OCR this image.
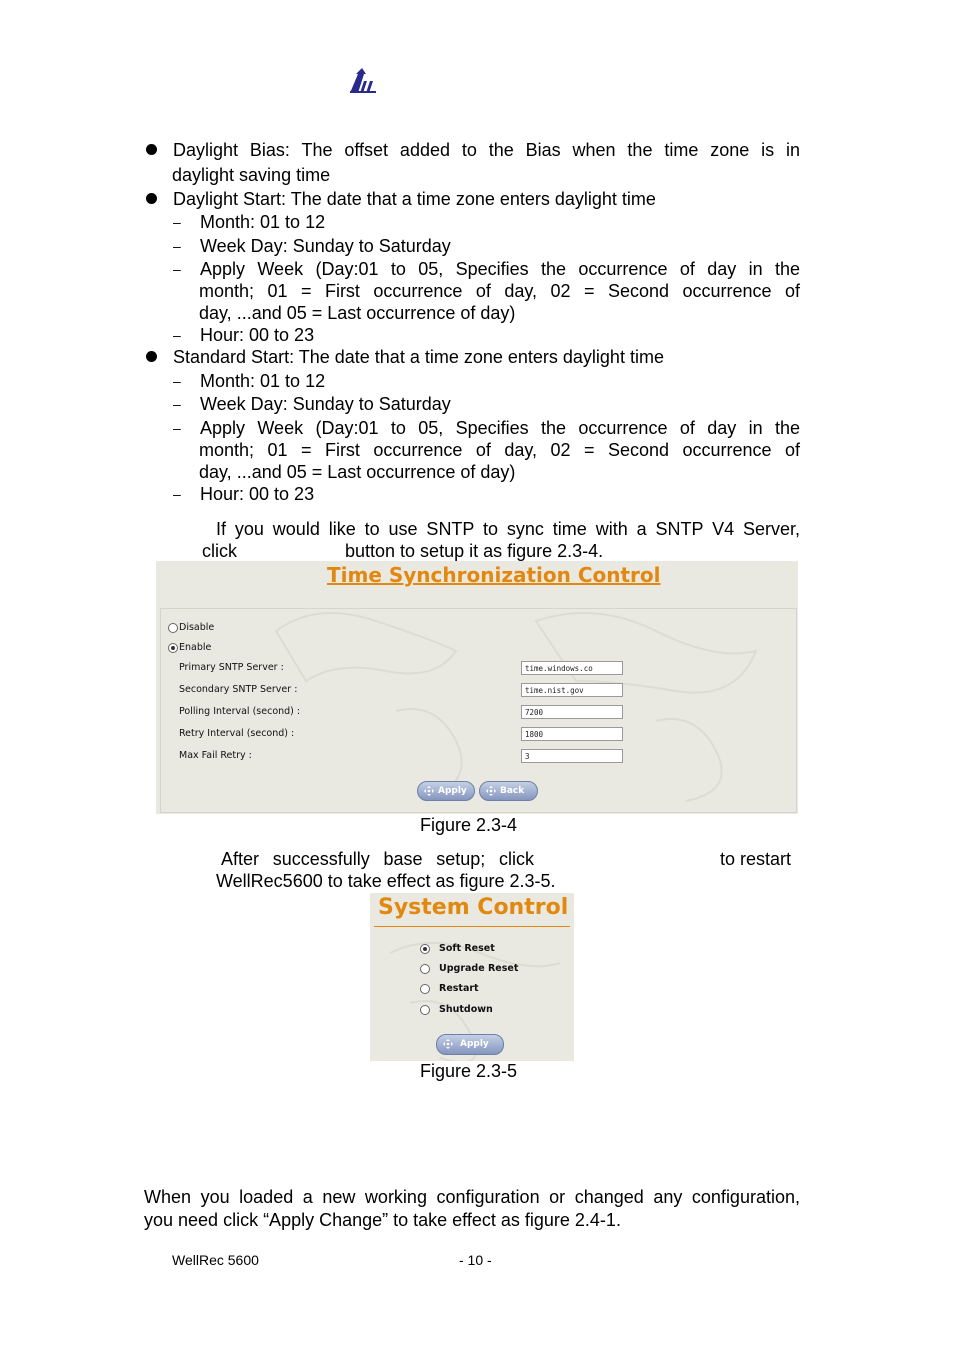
Daylight Bias: The offset added to the Bias when the time zone is in
daylight saving time
Daylight Start: The date that a time zone enters daylight time
– Month: 01 to 12
– Week Day: Sunday to Saturday
– Apply Week (Day:01 to 05, Specifies the occurrence of day in the
month; 01 = First occurrence of day, 02 = Second occurrence of
day, ...and 05 = Last occurrence of day)
– Hour: 00 to 23
Standard Start: The date that a time zone enters daylight time
– Month: 01 to 12
– Week Day: Sunday to Saturday
– Apply Week (Day:01 to 05, Specifies the occurrence of day in the
month; 01 = First occurrence of day, 02 = Second occurrence of
day, ...and 05 = Last occurrence of day)
– Hour: 00 to 23
If you would like to use SNTP to sync time with a SNTP V4 Server,
click	button to setup it as figure 2.3-4.
Time Synchronization Control
Disable
Enable
Primary SNTP Server :	time.windows.co
Secondary SNTP Server :	time.nist.gov
Polling Interval (second) :	7200
Retry Interval (second) :	1800
Max Fail Retry :	3
Apply	Back
Figure 2.3-4
After successfully base setup; click	to restart
WellRec5600 to take effect as figure 2.3-5.
System Control
Soft Reset
Upgrade Reset
Restart
Shutdown
Apply
Figure 2.3-5
When you loaded a new working configuration or changed any configuration,
you need click “Apply Change” to take effect as figure 2.4-1.
WellRec 5600	- 10 -
